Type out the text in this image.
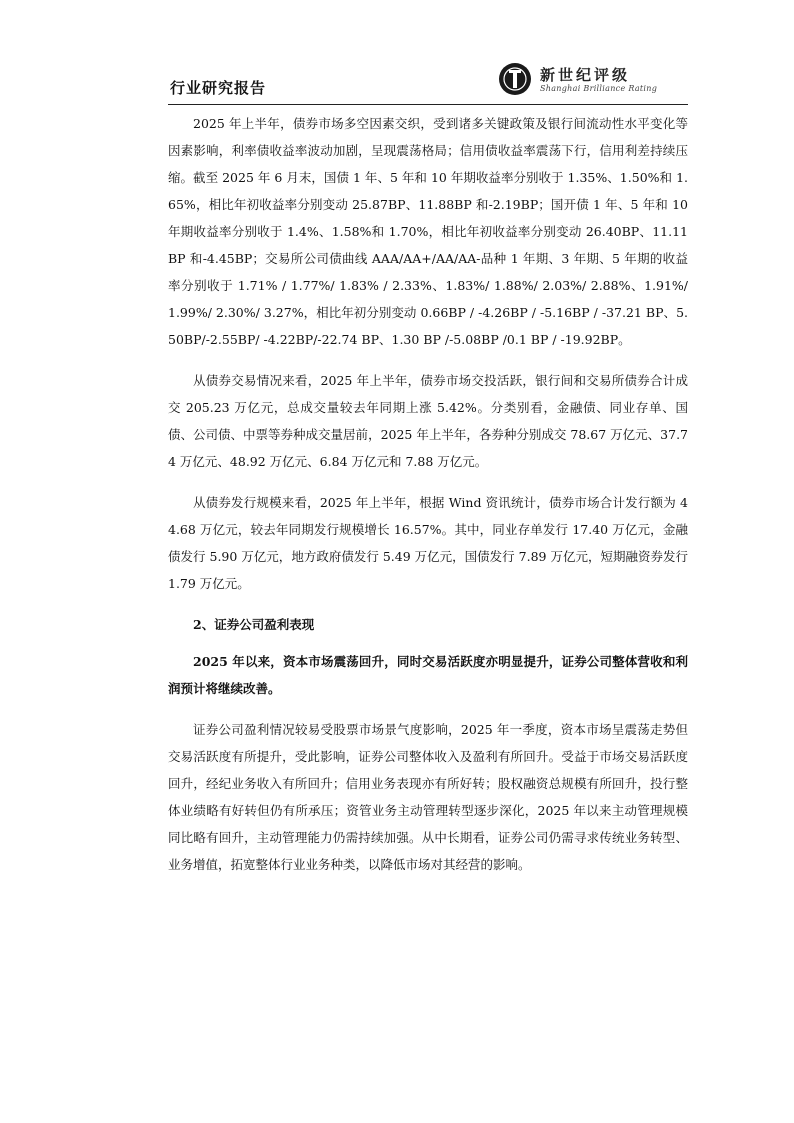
行业研究报告
新世纪评级
Shanghai Brilliance Rating

2025 年上半年，债券市场多空因素交织，受到诸多关键政策及银行间流动性水平变化等因素影响，利率债收益率波动加剧，呈现震荡格局；信用债收益率震荡下行，信用利差持续压缩。截至 2025 年 6 月末，国债 1 年、5 年和 10 年期收益率分别收于 1.35%、1.50%和 1.65%，相比年初收益率分别变动 25.87BP、11.88BP 和-2.19BP；国开债 1 年、5 年和 10 年期收益率分别收于 1.4%、1.58%和 1.70%，相比年初收益率分别变动 26.40BP、11.11BP 和-4.45BP；交易所公司债曲线 AAA/AA+/AA/AA-品种 1 年期、3 年期、5 年期的收益率分别收于 1.71% / 1.77%/ 1.83% / 2.33%、1.83%/ 1.88%/ 2.03%/ 2.88%、1.91%/ 1.99%/ 2.30%/ 3.27%，相比年初分别变动 0.66BP / -4.26BP / -5.16BP / -37.21 BP、5.50BP/-2.55BP/ -4.22BP/-22.74 BP、1.30 BP /-5.08BP /0.1 BP / -19.92BP。

从债券交易情况来看，2025 年上半年，债券市场交投活跃，银行间和交易所债券合计成交 205.23 万亿元，总成交量较去年同期上涨 5.42%。分类别看，金融债、同业存单、国债、公司债、中票等券种成交量居前，2025 年上半年，各券种分别成交 78.67 万亿元、37.74 万亿元、48.92 万亿元、6.84 万亿元和 7.88 万亿元。

从债券发行规模来看，2025 年上半年，根据 Wind 资讯统计，债券市场合计发行额为 44.68 万亿元，较去年同期发行规模增长 16.57%。其中，同业存单发行 17.40 万亿元，金融债发行 5.90 万亿元，地方政府债发行 5.49 万亿元，国债发行 7.89 万亿元，短期融资券发行 1.79 万亿元。

2、证券公司盈利表现

2025 年以来，资本市场震荡回升，同时交易活跃度亦明显提升，证券公司整体营收和利润预计将继续改善。

证券公司盈利情况较易受股票市场景气度影响，2025 年一季度，资本市场呈震荡走势但交易活跃度有所提升，受此影响，证券公司整体收入及盈利有所回升。受益于市场交易活跃度回升，经纪业务收入有所回升；信用业务表现亦有所好转；股权融资总规模有所回升，投行整体业绩略有好转但仍有所承压；资管业务主动管理转型逐步深化，2025 年以来主动管理规模同比略有回升，主动管理能力仍需持续加强。从中长期看，证券公司仍需寻求传统业务转型、业务增值，拓宽整体行业业务种类，以降低市场对其经营的影响。
